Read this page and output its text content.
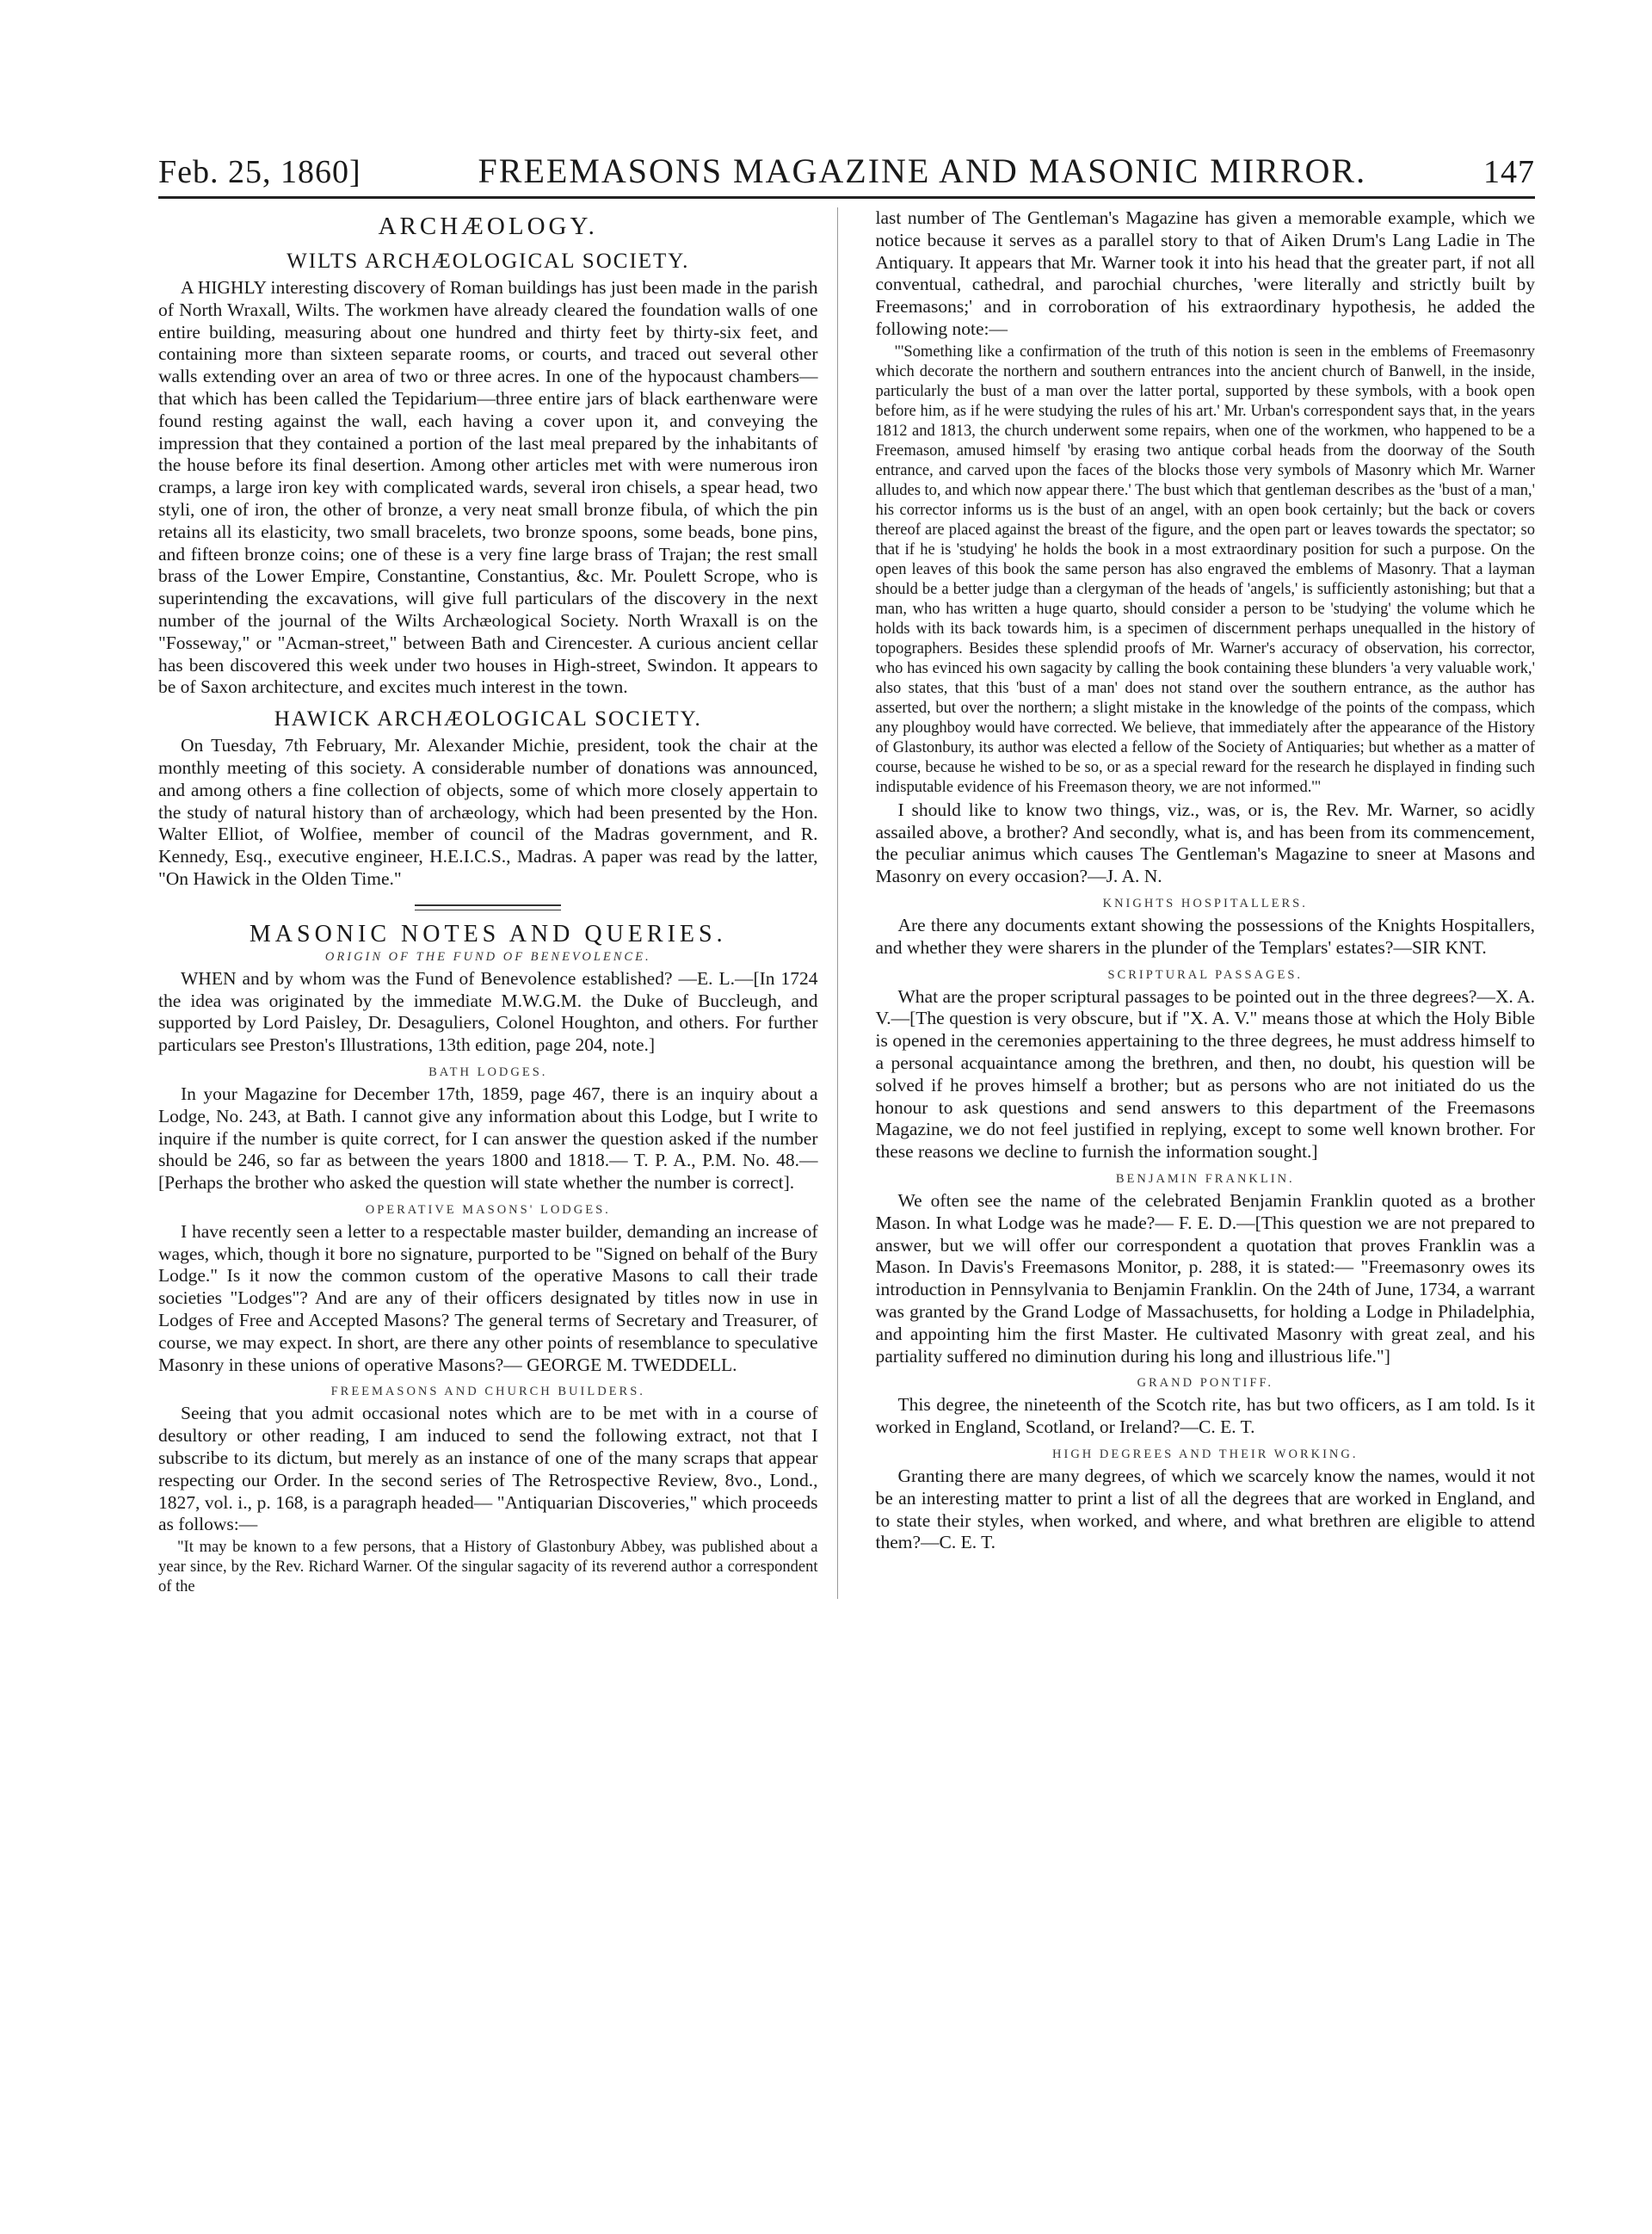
Feb. 25, 1860]	FREEMASONS MAGAZINE AND MASONIC MIRROR.	147
ARCHÆOLOGY.
WILTS ARCHÆOLOGICAL SOCIETY.

A HIGHLY interesting discovery of Roman buildings has just been made in the parish of North Wraxall, Wilts. The workmen have already cleared the foundation walls of one entire building, measuring about one hundred and thirty feet by thirty-six feet, and containing more than sixteen separate rooms, or courts, and traced out several other walls extending over an area of two or three acres. In one of the hypocaust chambers—that which has been called the Tepidarium—three entire jars of black earthenware were found resting against the wall, each having a cover upon it, and conveying the impression that they contained a portion of the last meal prepared by the inhabitants of the house before its final desertion. Among other articles met with were numerous iron cramps, a large iron key with complicated wards, several iron chisels, a spear head, two styli, one of iron, the other of bronze, a very neat small bronze fibula, of which the pin retains all its elasticity, two small bracelets, two bronze spoons, some beads, bone pins, and fifteen bronze coins; one of these is a very fine large brass of Trajan; the rest small brass of the Lower Empire, Constantine, Constantius, &c. Mr. Poulett Scrope, who is superintending the excavations, will give full particulars of the discovery in the next number of the journal of the Wilts Archæological Society. North Wraxall is on the "Fosseway," or "Acman-street," between Bath and Cirencester. A curious ancient cellar has been discovered this week under two houses in High-street, Swindon. It appears to be of Saxon architecture, and excites much interest in the town.

HAWICK ARCHÆOLOGICAL SOCIETY.

On Tuesday, 7th February, Mr. Alexander Michie, president, took the chair at the monthly meeting of this society. A considerable number of donations was announced, and among others a fine collection of objects, some of which more closely appertain to the study of natural history than of archæology, which had been presented by the Hon. Walter Elliot, of Wolfiee, member of council of the Madras government, and R. Kennedy, Esq., executive engineer, H.E.I.C.S., Madras. A paper was read by the latter, "On Hawick in the Olden Time."

MASONIC NOTES AND QUERIES.
ORIGIN OF THE FUND OF BENEVOLENCE.

WHEN and by whom was the Fund of Benevolence established? —E. L.—[In 1724 the idea was originated by the immediate M.W.G.M. the Duke of Buccleugh, and supported by Lord Paisley, Dr. Desaguliers, Colonel Houghton, and others. For further particulars see Preston's Illustrations, 13th edition, page 204, note.]

BATH LODGES.

In your Magazine for December 17th, 1859, page 467, there is an inquiry about a Lodge, No. 243, at Bath. I cannot give any information about this Lodge, but I write to inquire if the number is quite correct, for I can answer the question asked if the number should be 246, so far as between the years 1800 and 1818.— T. P. A., P.M. No. 48.—[Perhaps the brother who asked the question will state whether the number is correct].

OPERATIVE MASONS' LODGES.

I have recently seen a letter to a respectable master builder, demanding an increase of wages, which, though it bore no signature, purported to be "Signed on behalf of the Bury Lodge." Is it now the common custom of the operative Masons to call their trade societies "Lodges"? And are any of their officers designated by titles now in use in Lodges of Free and Accepted Masons? The general terms of Secretary and Treasurer, of course, we may expect. In short, are there any other points of resemblance to speculative Masonry in these unions of operative Masons?— GEORGE M. TWEDDELL.

FREEMASONS AND CHURCH BUILDERS.

Seeing that you admit occasional notes which are to be met with in a course of desultory or other reading, I am induced to send the following extract, not that I subscribe to its dictum, but merely as an instance of one of the many scraps that appear respecting our Order. In the second series of The Retrospective Review, 8vo., Lond., 1827, vol. i., p. 168, is a paragraph headed— "Antiquarian Discoveries," which proceeds as follows:—

"It may be known to a few persons, that a History of Glastonbury Abbey, was published about a year since, by the Rev. Richard Warner. Of the singular sagacity of its reverend author a correspondent of the

last number of The Gentleman's Magazine has given a memorable example, which we notice because it serves as a parallel story to that of Aiken Drum's Lang Ladie in The Antiquary. It appears that Mr. Warner took it into his head that the greater part, if not all conventual, cathedral, and parochial churches, 'were literally and strictly built by Freemasons;' and in corroboration of his extraordinary hypothesis, he added the following note:—

"'Something like a confirmation of the truth of this notion is seen in the emblems of Freemasonry which decorate the northern and southern entrances into the ancient church of Banwell, in the inside, particularly the bust of a man over the latter portal, supported by these symbols, with a book open before him, as if he were studying the rules of his art.' Mr. Urban's correspondent says that, in the years 1812 and 1813, the church underwent some repairs, when one of the workmen, who happened to be a Freemason, amused himself 'by erasing two antique corbal heads from the doorway of the South entrance, and carved upon the faces of the blocks those very symbols of Masonry which Mr. Warner alludes to, and which now appear there.' The bust which that gentleman describes as the 'bust of a man,' his corrector informs us is the bust of an angel, with an open book certainly; but the back or covers thereof are placed against the breast of the figure, and the open part or leaves towards the spectator; so that if he is 'studying' he holds the book in a most extraordinary position for such a purpose. On the open leaves of this book the same person has also engraved the emblems of Masonry. That a layman should be a better judge than a clergyman of the heads of 'angels,' is sufficiently astonishing; but that a man, who has written a huge quarto, should consider a person to be 'studying' the volume which he holds with its back towards him, is a specimen of discernment perhaps unequalled in the history of topographers. Besides these splendid proofs of Mr. Warner's accuracy of observation, his corrector, who has evinced his own sagacity by calling the book containing these blunders 'a very valuable work,' also states, that this 'bust of a man' does not stand over the southern entrance, as the author has asserted, but over the northern; a slight mistake in the knowledge of the points of the compass, which any ploughboy would have corrected. We believe, that immediately after the appearance of the History of Glastonbury, its author was elected a fellow of the Society of Antiquaries; but whether as a matter of course, because he wished to be so, or as a special reward for the research he displayed in finding such indisputable evidence of his Freemason theory, we are not informed.'"

I should like to know two things, viz., was, or is, the Rev. Mr. Warner, so acidly assailed above, a brother? And secondly, what is, and has been from its commencement, the peculiar animus which causes The Gentleman's Magazine to sneer at Masons and Masonry on every occasion?—J. A. N.

KNIGHTS HOSPITALLERS.

Are there any documents extant showing the possessions of the Knights Hospitallers, and whether they were sharers in the plunder of the Templars' estates?—SIR KNT.

SCRIPTURAL PASSAGES.

What are the proper scriptural passages to be pointed out in the three degrees?—X. A. V.—[The question is very obscure, but if "X. A. V." means those at which the Holy Bible is opened in the ceremonies appertaining to the three degrees, he must address himself to a personal acquaintance among the brethren, and then, no doubt, his question will be solved if he proves himself a brother; but as persons who are not initiated do us the honour to ask questions and send answers to this department of the Freemasons Magazine, we do not feel justified in replying, except to some well known brother. For these reasons we decline to furnish the information sought.]

BENJAMIN FRANKLIN.

We often see the name of the celebrated Benjamin Franklin quoted as a brother Mason. In what Lodge was he made?— F. E. D.—[This question we are not prepared to answer, but we will offer our correspondent a quotation that proves Franklin was a Mason. In Davis's Freemasons Monitor, p. 288, it is stated:— "Freemasonry owes its introduction in Pennsylvania to Benjamin Franklin. On the 24th of June, 1734, a warrant was granted by the Grand Lodge of Massachusetts, for holding a Lodge in Philadelphia, and appointing him the first Master. He cultivated Masonry with great zeal, and his partiality suffered no diminution during his long and illustrious life."]

GRAND PONTIFF.

This degree, the nineteenth of the Scotch rite, has but two officers, as I am told. Is it worked in England, Scotland, or Ireland?—C. E. T.

HIGH DEGREES AND THEIR WORKING.

Granting there are many degrees, of which we scarcely know the names, would it not be an interesting matter to print a list of all the degrees that are worked in England, and to state their styles, when worked, and where, and what brethren are eligible to attend them?—C. E. T.
